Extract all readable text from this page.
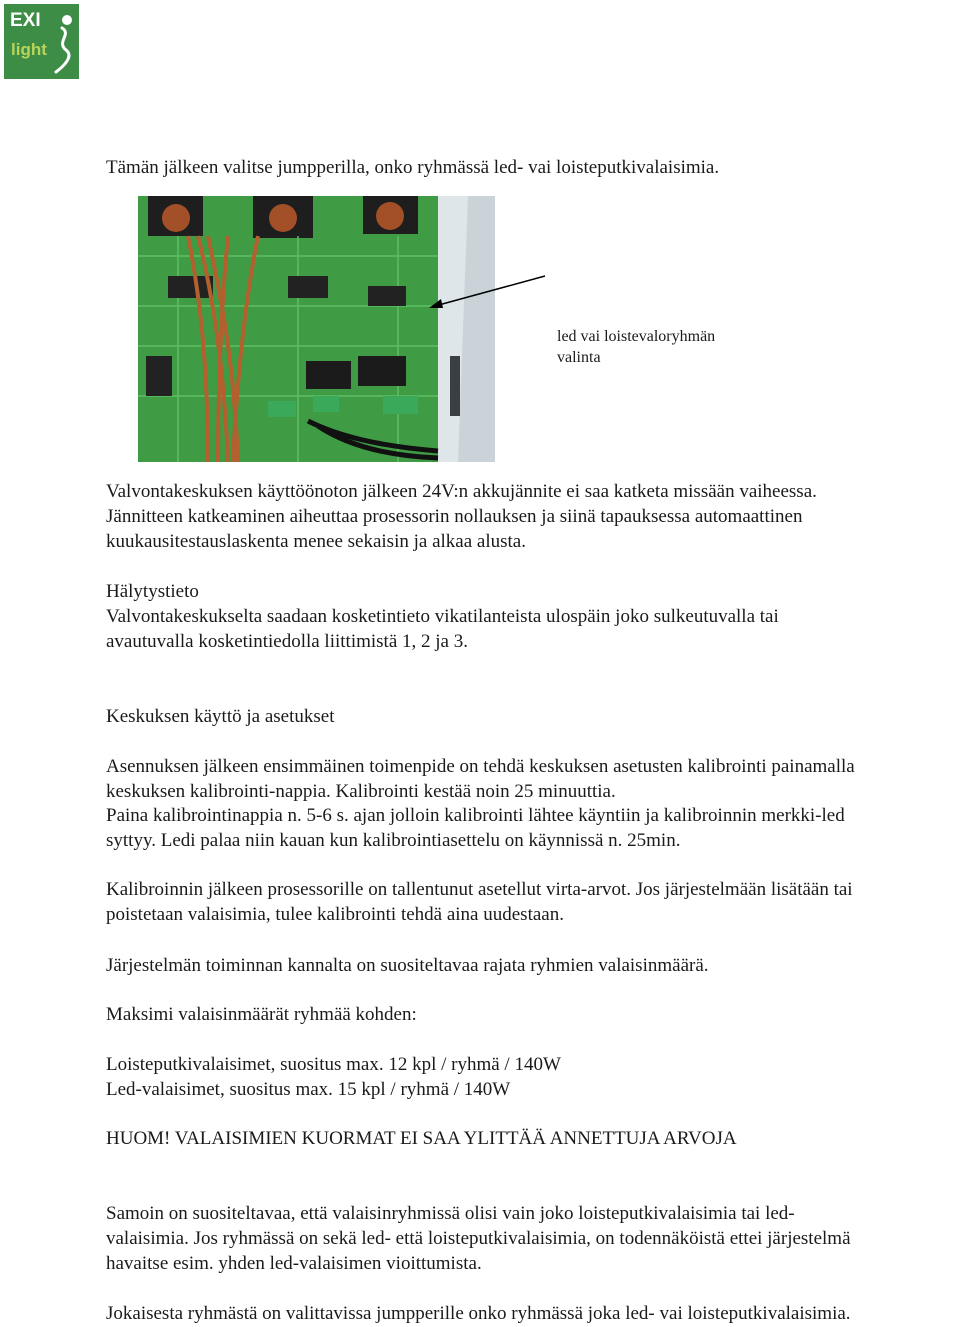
EXI
light

Tämän jälkeen valitse jumpperilla, onko ryhmässä led- vai loisteputkivalaisimia.

led vai loistevaloryhmän
valinta

Valvontakeskuksen käyttöönoton jälkeen 24V:n akkujännite ei saa katketa missään vaiheessa.

Jännitteen katkeaminen aiheuttaa prosessorin nollauksen ja siinä tapauksessa automaattinen

kuukausitestauslaskenta menee sekaisin ja alkaa alusta.

Hälytystieto

Valvontakeskukselta saadaan kosketintieto vikatilanteista ulospäin joko sulkeutuvalla tai

avautuvalla kosketintiedolla liittimistä 1, 2 ja 3.

Keskuksen käyttö ja asetukset

Asennuksen jälkeen ensimmäinen toimenpide on tehdä keskuksen asetusten kalibrointi painamalla

keskuksen kalibrointi-nappia. Kalibrointi kestää noin 25 minuuttia.

Paina kalibrointinappia n. 5-6 s. ajan jolloin kalibrointi lähtee käyntiin ja kalibroinnin merkki-led

syttyy. Ledi palaa niin kauan kun kalibrointiasettelu on käynnissä n. 25min.

Kalibroinnin jälkeen prosessorille on tallentunut asetellut virta-arvot. Jos järjestelmään lisätään tai

poistetaan valaisimia, tulee kalibrointi tehdä aina uudestaan.

Järjestelmän toiminnan kannalta on suositeltavaa rajata ryhmien valaisinmäärä.

Maksimi valaisinmäärät ryhmää kohden:

Loisteputkivalaisimet, suositus max. 12 kpl / ryhmä / 140W

Led-valaisimet, suositus max. 15 kpl / ryhmä / 140W

HUOM! VALAISIMIEN KUORMAT EI SAA YLITTÄÄ ANNETTUJA ARVOJA

Samoin on suositeltavaa, että valaisinryhmissä olisi vain joko loisteputkivalaisimia tai led-

valaisimia. Jos ryhmässä on sekä led- että loisteputkivalaisimia, on todennäköistä ettei järjestelmä

havaitse esim. yhden led-valaisimen vioittumista.

Jokaisesta ryhmästä on valittavissa jumpperille onko ryhmässä joka led- vai loisteputkivalaisimia.
